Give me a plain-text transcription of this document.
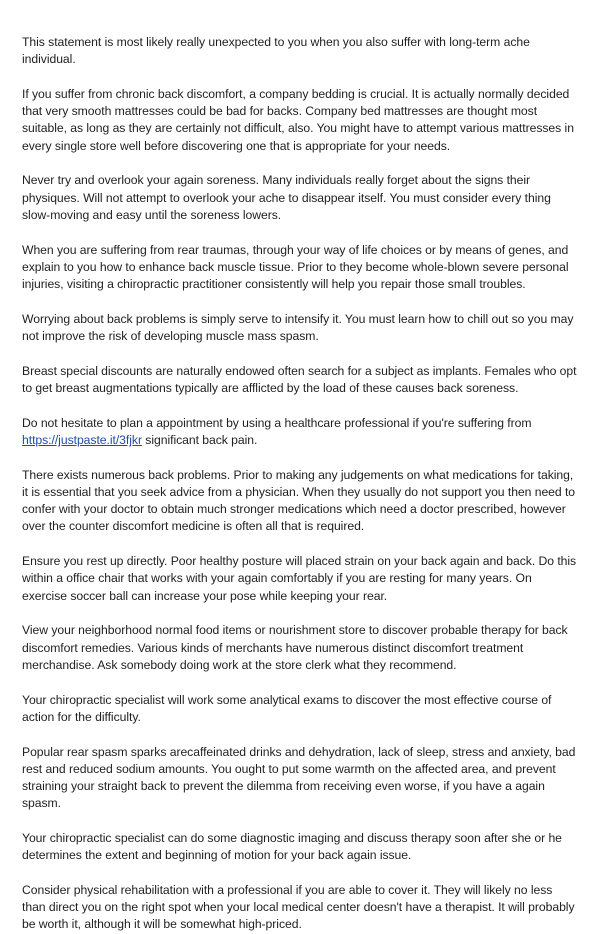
This statement is most likely really unexpected to you when you also suffer with long-term ache individual.

If you suffer from chronic back discomfort, a company bedding is crucial. It is actually normally decided that very smooth mattresses could be bad for backs. Company bed mattresses are thought most suitable, as long as they are certainly not difficult, also. You might have to attempt various mattresses in every single store well before discovering one that is appropriate for your needs.

Never try and overlook your again soreness. Many individuals really forget about the signs their physiques. Will not attempt to overlook your ache to disappear itself. You must consider every thing slow-moving and easy until the soreness lowers.

When you are suffering from rear traumas, through your way of life choices or by means of genes, and explain to you how to enhance back muscle tissue. Prior to they become whole-blown severe personal injuries, visiting a chiropractic practitioner consistently will help you repair those small troubles.

Worrying about back problems is simply serve to intensify it. You must learn how to chill out so you may not improve the risk of developing muscle mass spasm.

Breast special discounts are naturally endowed often search for a subject as implants. Females who opt to get breast augmentations typically are afflicted by the load of these causes back soreness.

Do not hesitate to plan a appointment by using a healthcare professional if you're suffering from https://justpaste.it/3fjkr significant back pain.

There exists numerous back problems. Prior to making any judgements on what medications for taking, it is essential that you seek advice from a physician. When they usually do not support you then need to confer with your doctor to obtain much stronger medications which need a doctor prescribed, however over the counter discomfort medicine is often all that is required.

Ensure you rest up directly. Poor healthy posture will placed strain on your back again and back. Do this within a office chair that works with your again comfortably if you are resting for many years. On exercise soccer ball can increase your pose while keeping your rear.

View your neighborhood normal food items or nourishment store to discover probable therapy for back discomfort remedies. Various kinds of merchants have numerous distinct discomfort treatment merchandise. Ask somebody doing work at the store clerk what they recommend.

Your chiropractic specialist will work some analytical exams to discover the most effective course of action for the difficulty.

Popular rear spasm sparks arecaffeinated drinks and dehydration, lack of sleep, stress and anxiety, bad rest and reduced sodium amounts. You ought to put some warmth on the affected area, and prevent straining your straight back to prevent the dilemma from receiving even worse, if you have a again spasm.

Your chiropractic specialist can do some diagnostic imaging and discuss therapy soon after she or he determines the extent and beginning of motion for your back again issue.

Consider physical rehabilitation with a professional if you are able to cover it. They will likely no less than direct you on the right spot when your local medical center doesn't have a therapist. It will probably be worth it, although it will be somewhat high-priced.
